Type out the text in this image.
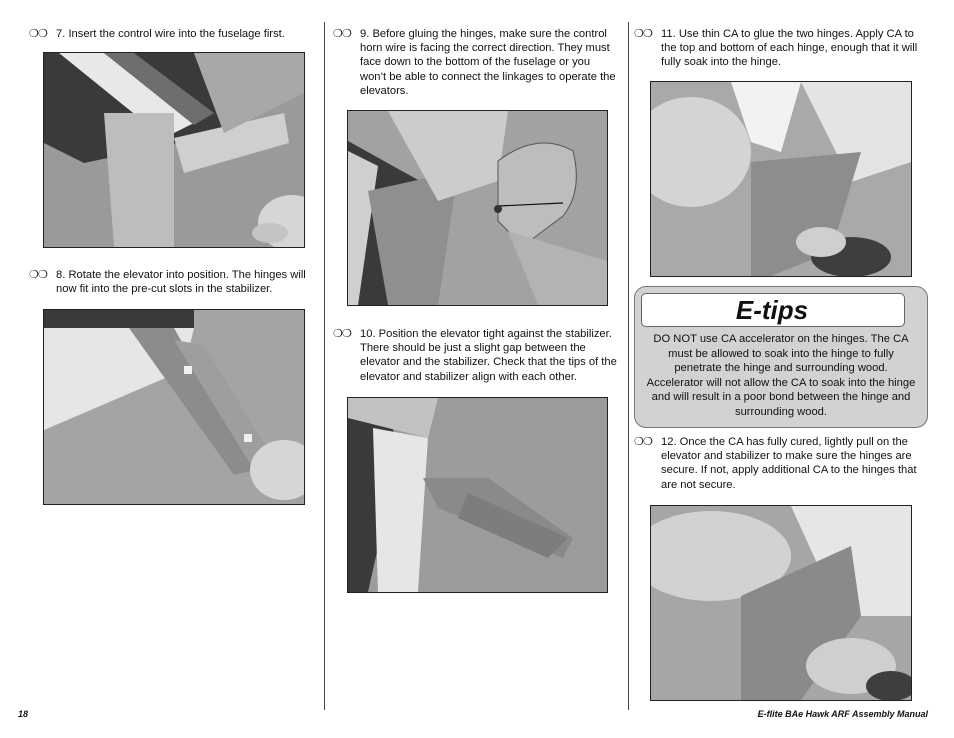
❍❍ 7. Insert the control wire into the fuselage first.
❍❍ 8. Rotate the elevator into position. The hinges will now fit into the pre-cut slots in the stabilizer.
❍❍ 9. Before gluing the hinges, make sure the control horn wire is facing the correct direction. They must face down to the bottom of the fuselage or you won’t be able to connect the linkages to operate the elevators.
❍❍ 10. Position the elevator tight against the stabilizer. There should be just a slight gap between the elevator and the stabilizer. Check that the tips of the elevator and stabilizer align with each other.
❍❍ 11. Use thin CA to glue the two hinges. Apply CA to the top and bottom of each hinge, enough that it will fully soak into the hinge.
E-tips
DO NOT use CA accelerator on the hinges. The CA must be allowed to soak into the hinge to fully penetrate the hinge and surrounding wood. Accelerator will not allow the CA to soak into the hinge and will result in a poor bond between the hinge and surrounding wood.
❍❍ 12. Once the CA has fully cured, lightly pull on the elevator and stabilizer to make sure the hinges are secure. If not, apply additional CA to the hinges that are not secure.
18	E-flite BAe Hawk ARF Assembly Manual
